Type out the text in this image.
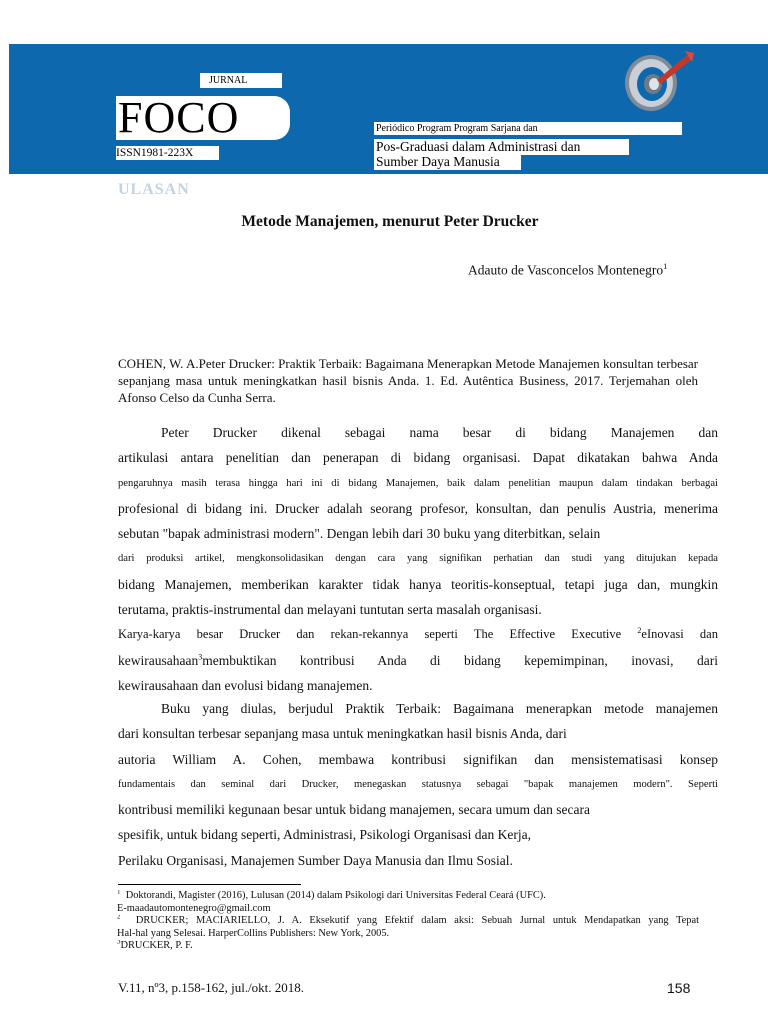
JURNAL
FOCO
ISSN1981-223X
Periódico Program Program Sarjana dan
Pos-Graduasi dalam Administrasi dan
Sumber Daya Manusia
ULASAN
Metode Manajemen, menurut Peter Drucker
Adauto de Vasconcelos Montenegro$^1$
COHEN, W. A.Peter Drucker: Praktik Terbaik: Bagaimana Menerapkan Metode Manajemen konsultan terbesar sepanjang masa untuk meningkatkan hasil bisnis Anda. 1. Ed. Autêntica Business, 2017. Terjemahan oleh Afonso Celso da Cunha Serra.
Peter Drucker dikenal sebagai nama besar di bidang Manajemen dan
artikulasi antara penelitian dan penerapan di bidang organisasi. Dapat dikatakan bahwa Anda
pengaruhnya masih terasa hingga hari ini di bidang Manajemen, baik dalam penelitian maupun dalam tindakan berbagai
profesional di bidang ini. Drucker adalah seorang profesor, konsultan, dan penulis Austria, menerima
sebutan "bapak administrasi modern". Dengan lebih dari 30 buku yang diterbitkan, selain
dari produksi artikel, mengkonsolidasikan dengan cara yang signifikan perhatian dan studi yang ditujukan kepada
bidang Manajemen, memberikan karakter tidak hanya teoritis-konseptual, tetapi juga dan, mungkin
terutama, praktis-instrumental dan melayani tuntutan serta masalah organisasi.
Karya-karya besar Drucker dan rekan-rekannya seperti The Effective Executive $^2$eInovasi dan
kewirausahaan$^3$membuktikan kontribusi Anda di bidang kepemimpinan, inovasi, dari
kewirausahaan dan evolusi bidang manajemen.
Buku yang diulas, berjudul Praktik Terbaik: Bagaimana menerapkan metode manajemen
dari konsultan terbesar sepanjang masa untuk meningkatkan hasil bisnis Anda, dari
autoria William A. Cohen, membawa kontribusi signifikan dan mensistematisasi konsep
fundamentais dan seminal dari Drucker, menegaskan statusnya sebagai "bapak manajemen modern". Seperti
kontribusi memiliki kegunaan besar untuk bidang manajemen, secara umum dan secara
spesifik, untuk bidang seperti, Administrasi, Psikologi Organisasi dan Kerja,
Perilaku Organisasi, Manajemen Sumber Daya Manusia dan Ilmu Sosial.
$^1$ Doktorandi, Magister (2016), Lulusan (2014) dalam Psikologi dari Universitas Federal Ceará (UFC).
E-maadautomontenegro@gmail.com
$^2$ DRUCKER; MACIARIELLO, J. A. Eksekutif yang Efektif dalam aksi: Sebuah Jurnal untuk Mendapatkan yang Tepat
Hal-hal yang Selesai. HarperCollins Publishers: New York, 2005.
$^3$DRUCKER, P. F.
V.11, nº3, p.158-162, jul./okt. 2018.	158
